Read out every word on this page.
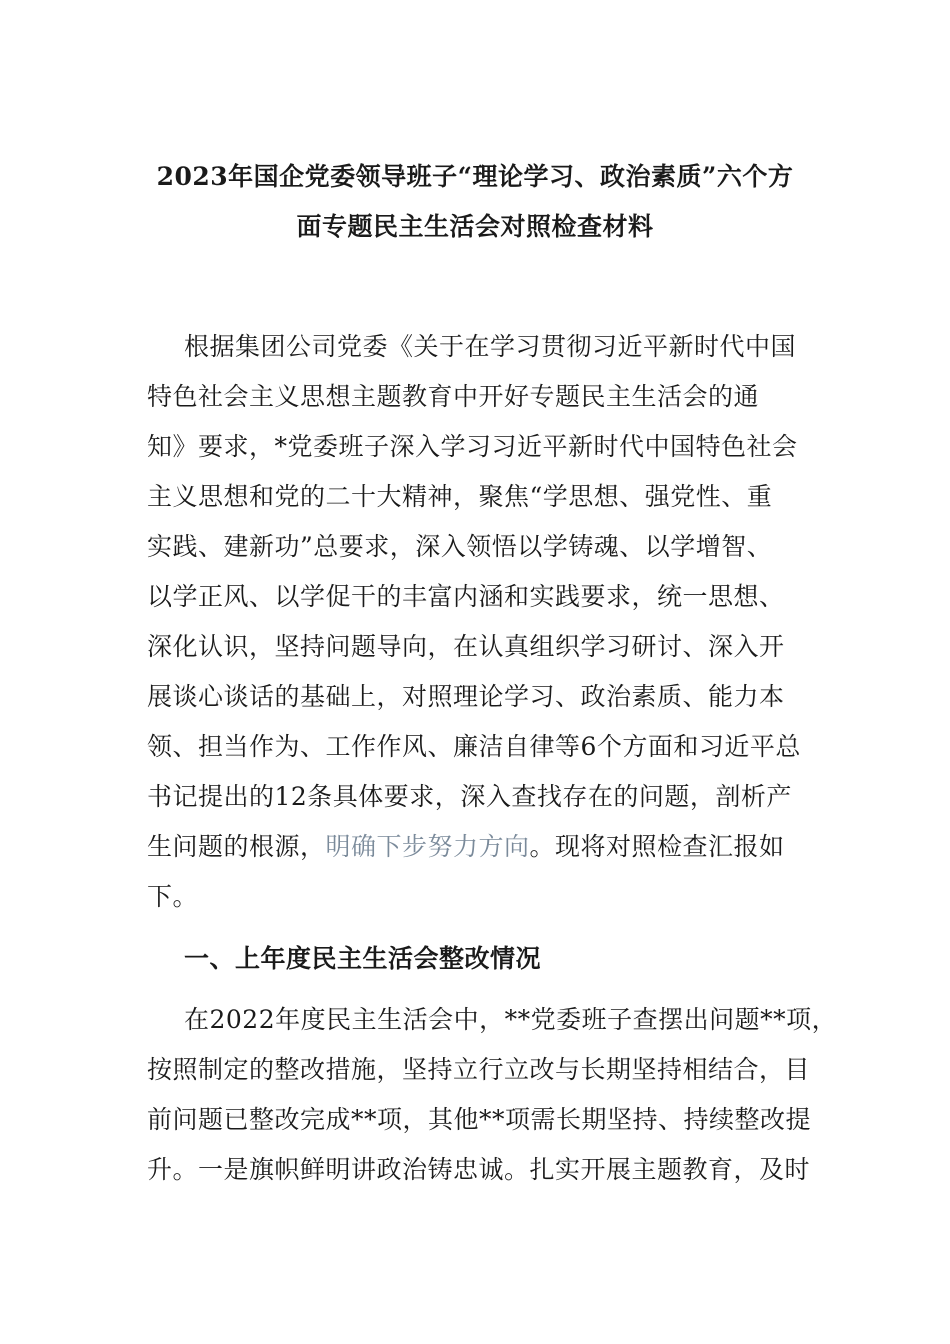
2023年国企党委领导班子“理论学习、政治素质”六个方
面专题民主生活会对照检查材料
根据集团公司党委《关于在学习贯彻习近平新时代中国
特色社会主义思想主题教育中开好专题民主生活会的通
知》要求，*党委班子深入学习习近平新时代中国特色社会
主义思想和党的二十大精神，聚焦“学思想、强党性、重
实践、建新功”总要求，深入领悟以学铸魂、以学增智、
以学正风、以学促干的丰富内涵和实践要求，统一思想、
深化认识，坚持问题导向，在认真组织学习研讨、深入开
展谈心谈话的基础上，对照理论学习、政治素质、能力本
领、担当作为、工作作风、廉洁自律等6个方面和习近平总
书记提出的12条具体要求，深入查找存在的问题，剖析产
生问题的根源，明确下步努力方向。现将对照检查汇报如
下。
一、上年度民主生活会整改情况
在2022年度民主生活会中，**党委班子查摆出问题**项，
按照制定的整改措施，坚持立行立改与长期坚持相结合，目
前问题已整改完成**项，其他**项需长期坚持、持续整改提
升。一是旗帜鲜明讲政治铸忠诚。扎实开展主题教育，及时
